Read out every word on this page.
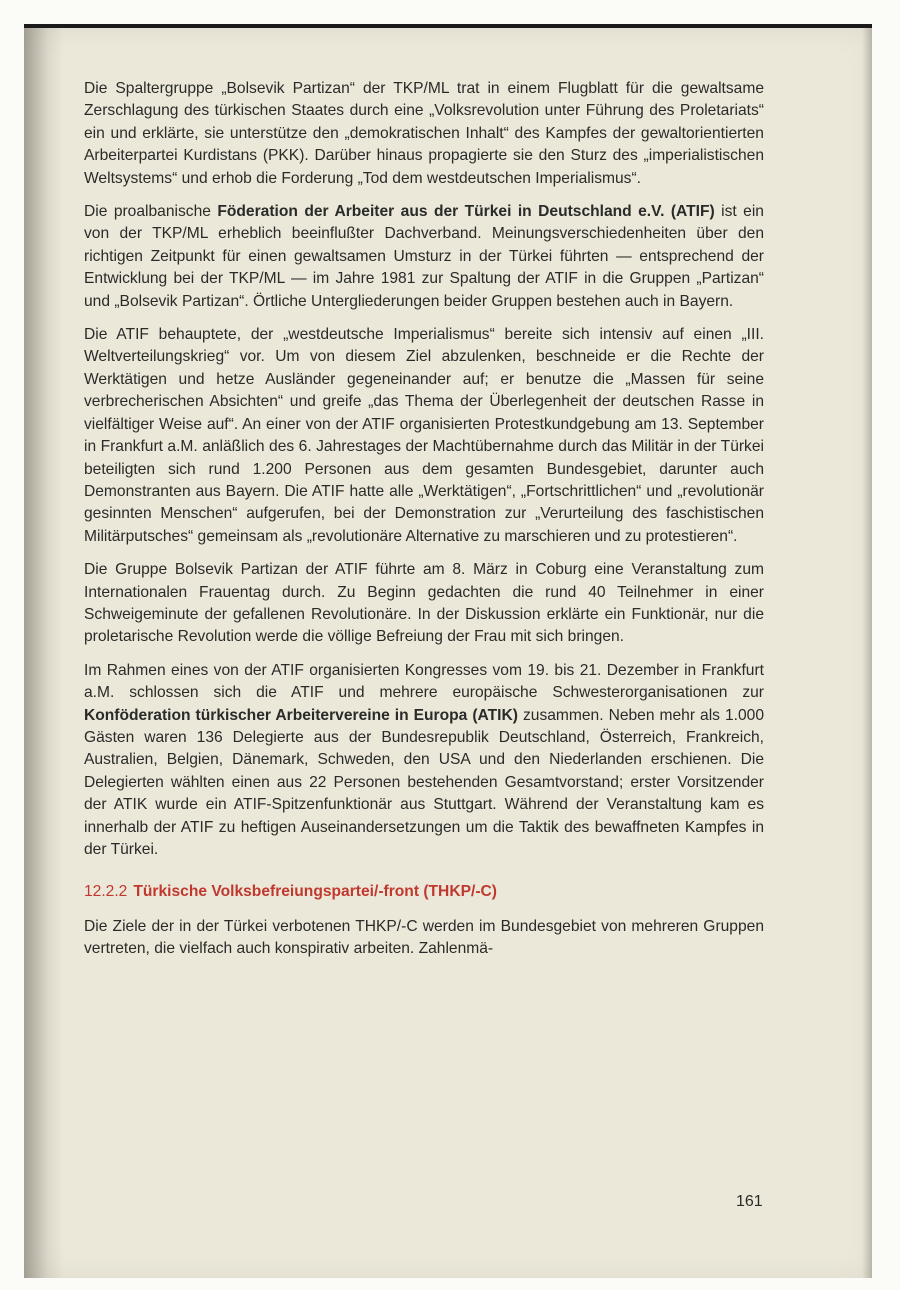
Die Spaltergruppe „Bolsevik Partizan“ der TKP/ML trat in einem Flugblatt für die gewaltsame Zerschlagung des türkischen Staates durch eine „Volksrevolution unter Führung des Proletariats“ ein und erklärte, sie unterstütze den „demokratischen Inhalt“ des Kampfes der gewaltorientierten Arbeiterpartei Kurdistans (PKK). Darüber hinaus propagierte sie den Sturz des „imperialistischen Weltsystems“ und erhob die Forderung „Tod dem westdeutschen Imperialismus“.

Die proalbanische Föderation der Arbeiter aus der Türkei in Deutschland e.V. (ATIF) ist ein von der TKP/ML erheblich beeinflußter Dachverband. Meinungsverschiedenheiten über den richtigen Zeitpunkt für einen gewaltsamen Umsturz in der Türkei führten — entsprechend der Entwicklung bei der TKP/ML — im Jahre 1981 zur Spaltung der ATIF in die Gruppen „Partizan“ und „Bolsevik Partizan“. Örtliche Untergliederungen beider Gruppen bestehen auch in Bayern.

Die ATIF behauptete, der „westdeutsche Imperialismus“ bereite sich intensiv auf einen „III. Weltverteilungskrieg“ vor. Um von diesem Ziel abzulenken, beschneide er die Rechte der Werktätigen und hetze Ausländer gegeneinander auf; er benutze die „Massen für seine verbrecherischen Absichten“ und greife „das Thema der Überlegenheit der deutschen Rasse in vielfältiger Weise auf“. An einer von der ATIF organisierten Protestkundgebung am 13. September in Frankfurt a.M. anläßlich des 6. Jahrestages der Machtübernahme durch das Militär in der Türkei beteiligten sich rund 1.200 Personen aus dem gesamten Bundesgebiet, darunter auch Demonstranten aus Bayern. Die ATIF hatte alle „Werktätigen“, „Fortschrittlichen“ und „revolutionär gesinnten Menschen“ aufgerufen, bei der Demonstration zur „Verurteilung des faschistischen Militärputsches“ gemeinsam als „revolutionäre Alternative zu marschieren und zu protestieren“.

Die Gruppe Bolsevik Partizan der ATIF führte am 8. März in Coburg eine Veranstaltung zum Internationalen Frauentag durch. Zu Beginn gedachten die rund 40 Teilnehmer in einer Schweigeminute der gefallenen Revolutionäre. In der Diskussion erklärte ein Funktionär, nur die proletarische Revolution werde die völlige Befreiung der Frau mit sich bringen.

Im Rahmen eines von der ATIF organisierten Kongresses vom 19. bis 21. Dezember in Frankfurt a.M. schlossen sich die ATIF und mehrere europäische Schwesterorganisationen zur Konföderation türkischer Arbeitervereine in Europa (ATIK) zusammen. Neben mehr als 1.000 Gästen waren 136 Delegierte aus der Bundesrepublik Deutschland, Österreich, Frankreich, Australien, Belgien, Dänemark, Schweden, den USA und den Niederlanden erschienen. Die Delegierten wählten einen aus 22 Personen bestehenden Gesamtvorstand; erster Vorsitzender der ATIK wurde ein ATIF-Spitzenfunktionär aus Stuttgart. Während der Veranstaltung kam es innerhalb der ATIF zu heftigen Auseinandersetzungen um die Taktik des bewaffneten Kampfes in der Türkei.

12.2.2 Türkische Volksbefreiungspartei/-front (THKP/-C)

Die Ziele der in der Türkei verbotenen THKP/-C werden im Bundesgebiet von mehreren Gruppen vertreten, die vielfach auch konspirativ arbeiten. Zahlenmä-

161
